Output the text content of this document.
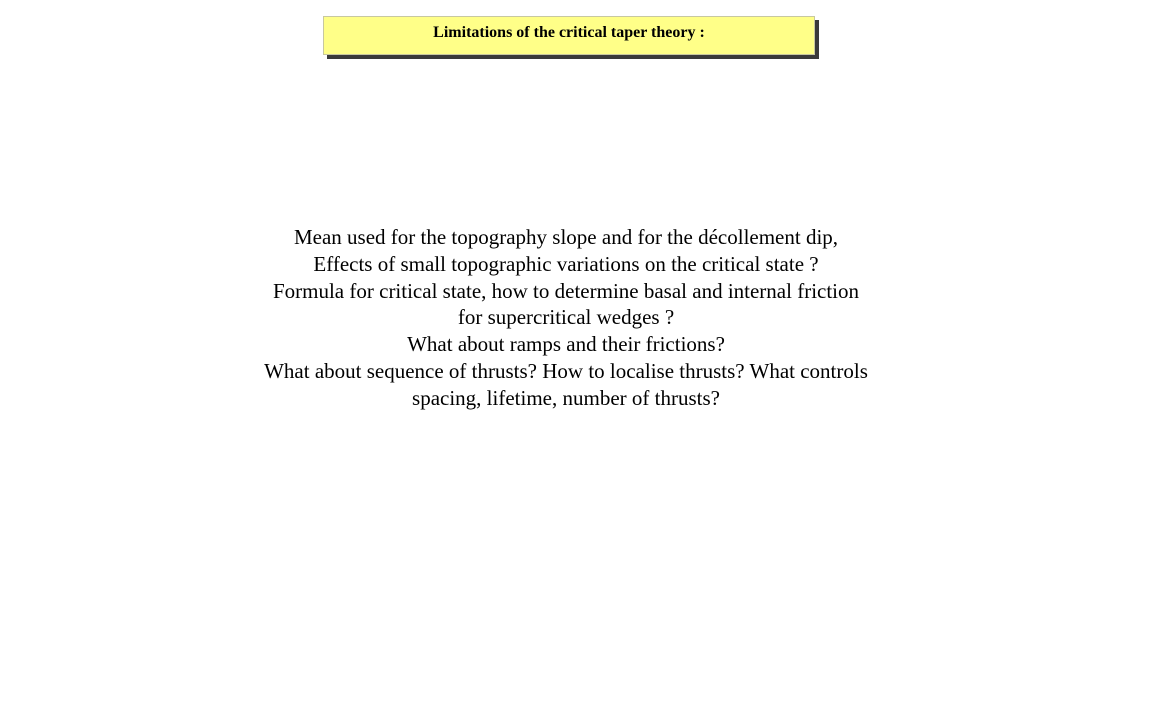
Limitations of the critical taper theory :
Mean used for the topography slope and for the décollement dip,
Effects of small topographic variations on the critical state ?
Formula for critical state, how to determine basal and internal friction
for supercritical wedges ?
What about ramps and their frictions?
What about sequence of thrusts? How to localise thrusts? What controls
spacing, lifetime, number of thrusts?
